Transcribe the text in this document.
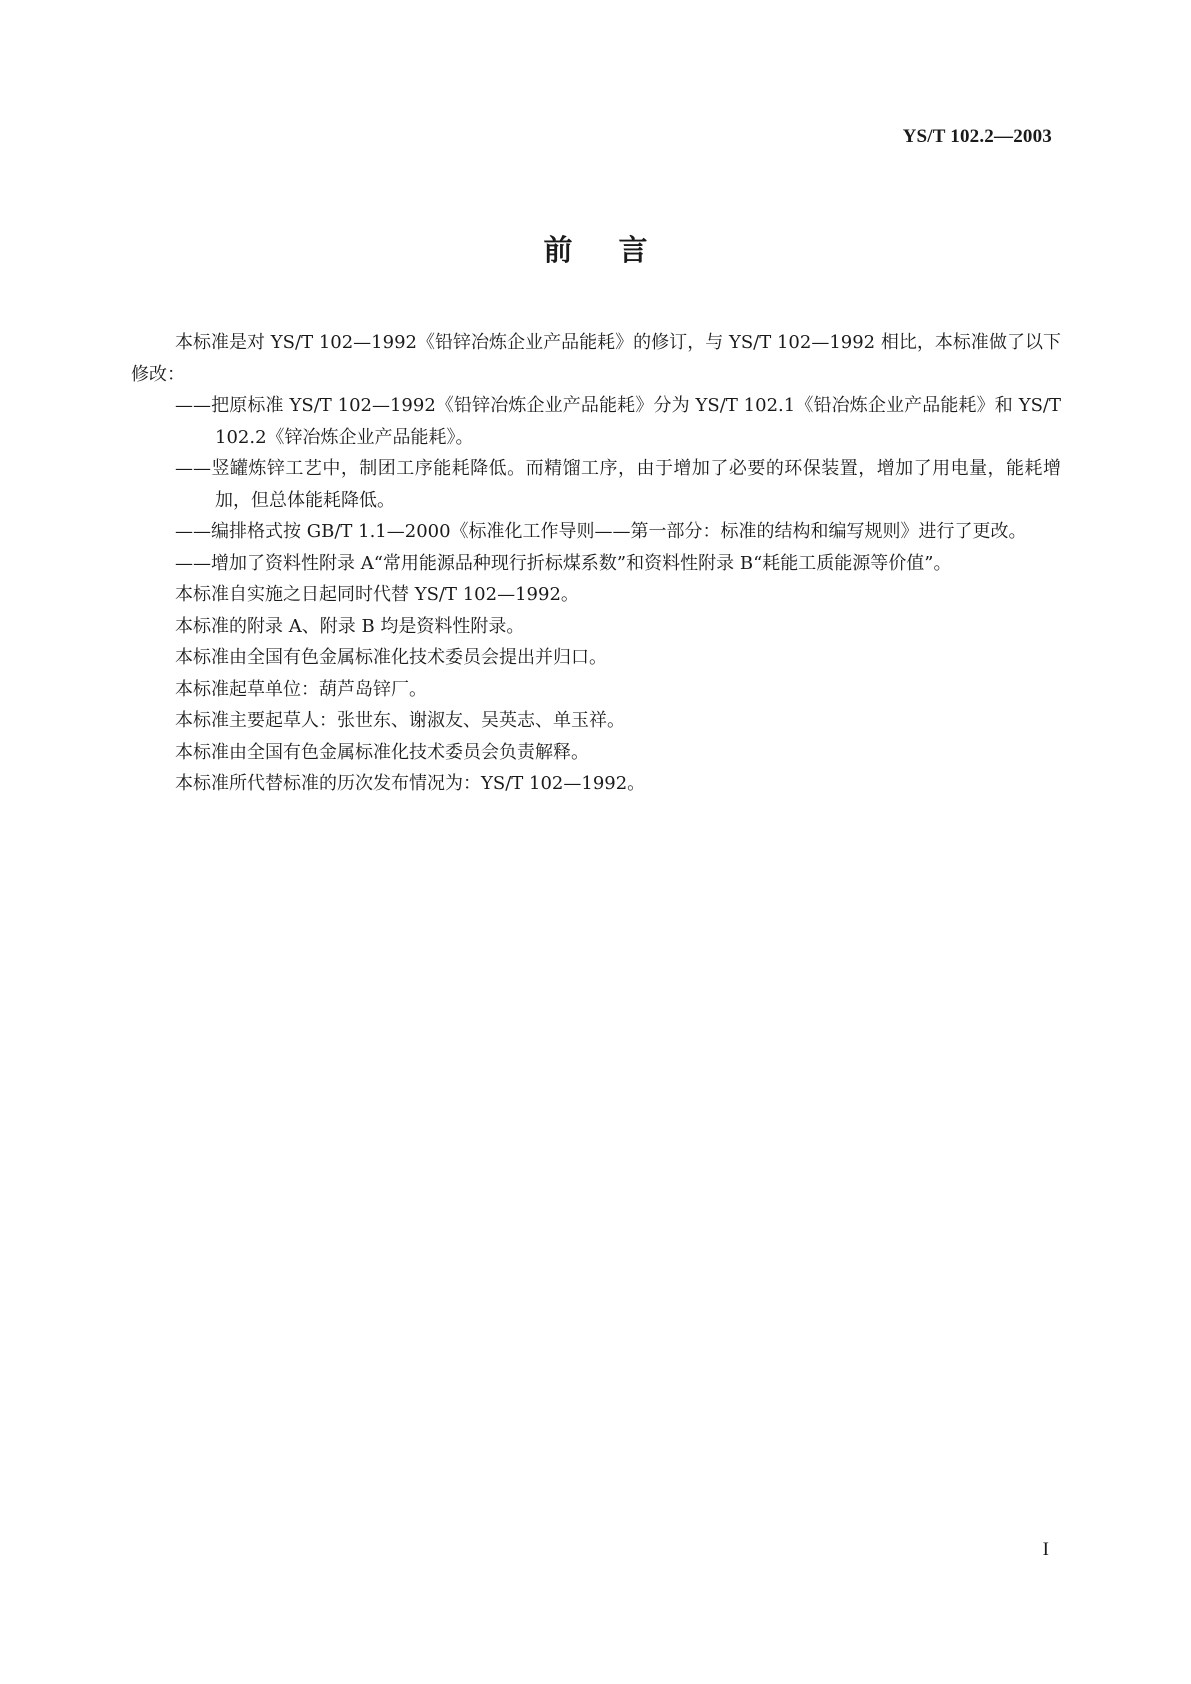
YS/T 102.2—2003
前言

本标准是对 YS/T 102—1992《铅锌冶炼企业产品能耗》的修订，与 YS/T 102—1992 相比，本标准做了以下修改：

——把原标准 YS/T 102—1992《铅锌冶炼企业产品能耗》分为 YS/T 102.1《铅冶炼企业产品能耗》和 YS/T 102.2《锌冶炼企业产品能耗》。

——竖罐炼锌工艺中，制团工序能耗降低。而精馏工序，由于增加了必要的环保装置，增加了用电量，能耗增加，但总体能耗降低。

——编排格式按 GB/T 1.1—2000《标准化工作导则——第一部分：标准的结构和编写规则》进行了更改。

——增加了资料性附录 A“常用能源品种现行折标煤系数”和资料性附录 B“耗能工质能源等价值”。

本标准自实施之日起同时代替 YS/T 102—1992。

本标准的附录 A、附录 B 均是资料性附录。

本标准由全国有色金属标准化技术委员会提出并归口。

本标准起草单位：葫芦岛锌厂。

本标准主要起草人：张世东、谢淑友、吴英志、单玉祥。

本标准由全国有色金属标准化技术委员会负责解释。

本标准所代替标准的历次发布情况为：YS/T 102—1992。

I
